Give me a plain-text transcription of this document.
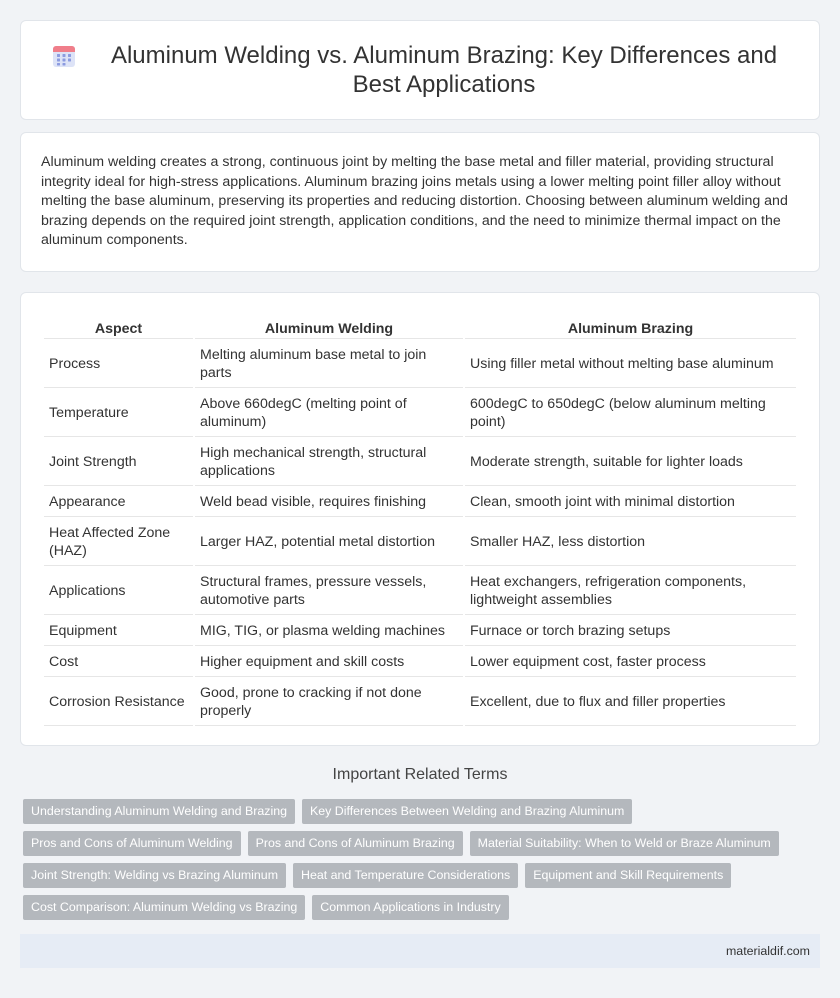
Aluminum Welding vs. Aluminum Brazing: Key Differences and Best Applications

Aluminum welding creates a strong, continuous joint by melting the base metal and filler material, providing structural integrity ideal for high-stress applications. Aluminum brazing joins metals using a lower melting point filler alloy without melting the base aluminum, preserving its properties and reducing distortion. Choosing between aluminum welding and brazing depends on the required joint strength, application conditions, and the need to minimize thermal impact on the aluminum components.

Aspect	Aluminum Welding	Aluminum Brazing
Process	Melting aluminum base metal to join parts	Using filler metal without melting base aluminum
Temperature	Above 660degC (melting point of aluminum)	600degC to 650degC (below aluminum melting point)
Joint Strength	High mechanical strength, structural applications	Moderate strength, suitable for lighter loads
Appearance	Weld bead visible, requires finishing	Clean, smooth joint with minimal distortion
Heat Affected Zone (HAZ)	Larger HAZ, potential metal distortion	Smaller HAZ, less distortion
Applications	Structural frames, pressure vessels, automotive parts	Heat exchangers, refrigeration components, lightweight assemblies
Equipment	MIG, TIG, or plasma welding machines	Furnace or torch brazing setups
Cost	Higher equipment and skill costs	Lower equipment cost, faster process
Corrosion Resistance	Good, prone to cracking if not done properly	Excellent, due to flux and filler properties
Important Related Terms
Understanding Aluminum Welding and Brazing	Key Differences Between Welding and Brazing Aluminum
Pros and Cons of Aluminum Welding	Pros and Cons of Aluminum Brazing	Material Suitability: When to Weld or Braze Aluminum
Joint Strength: Welding vs Brazing Aluminum	Heat and Temperature Considerations	Equipment and Skill Requirements
Cost Comparison: Aluminum Welding vs Brazing	Common Applications in Industry
materialdif.com
